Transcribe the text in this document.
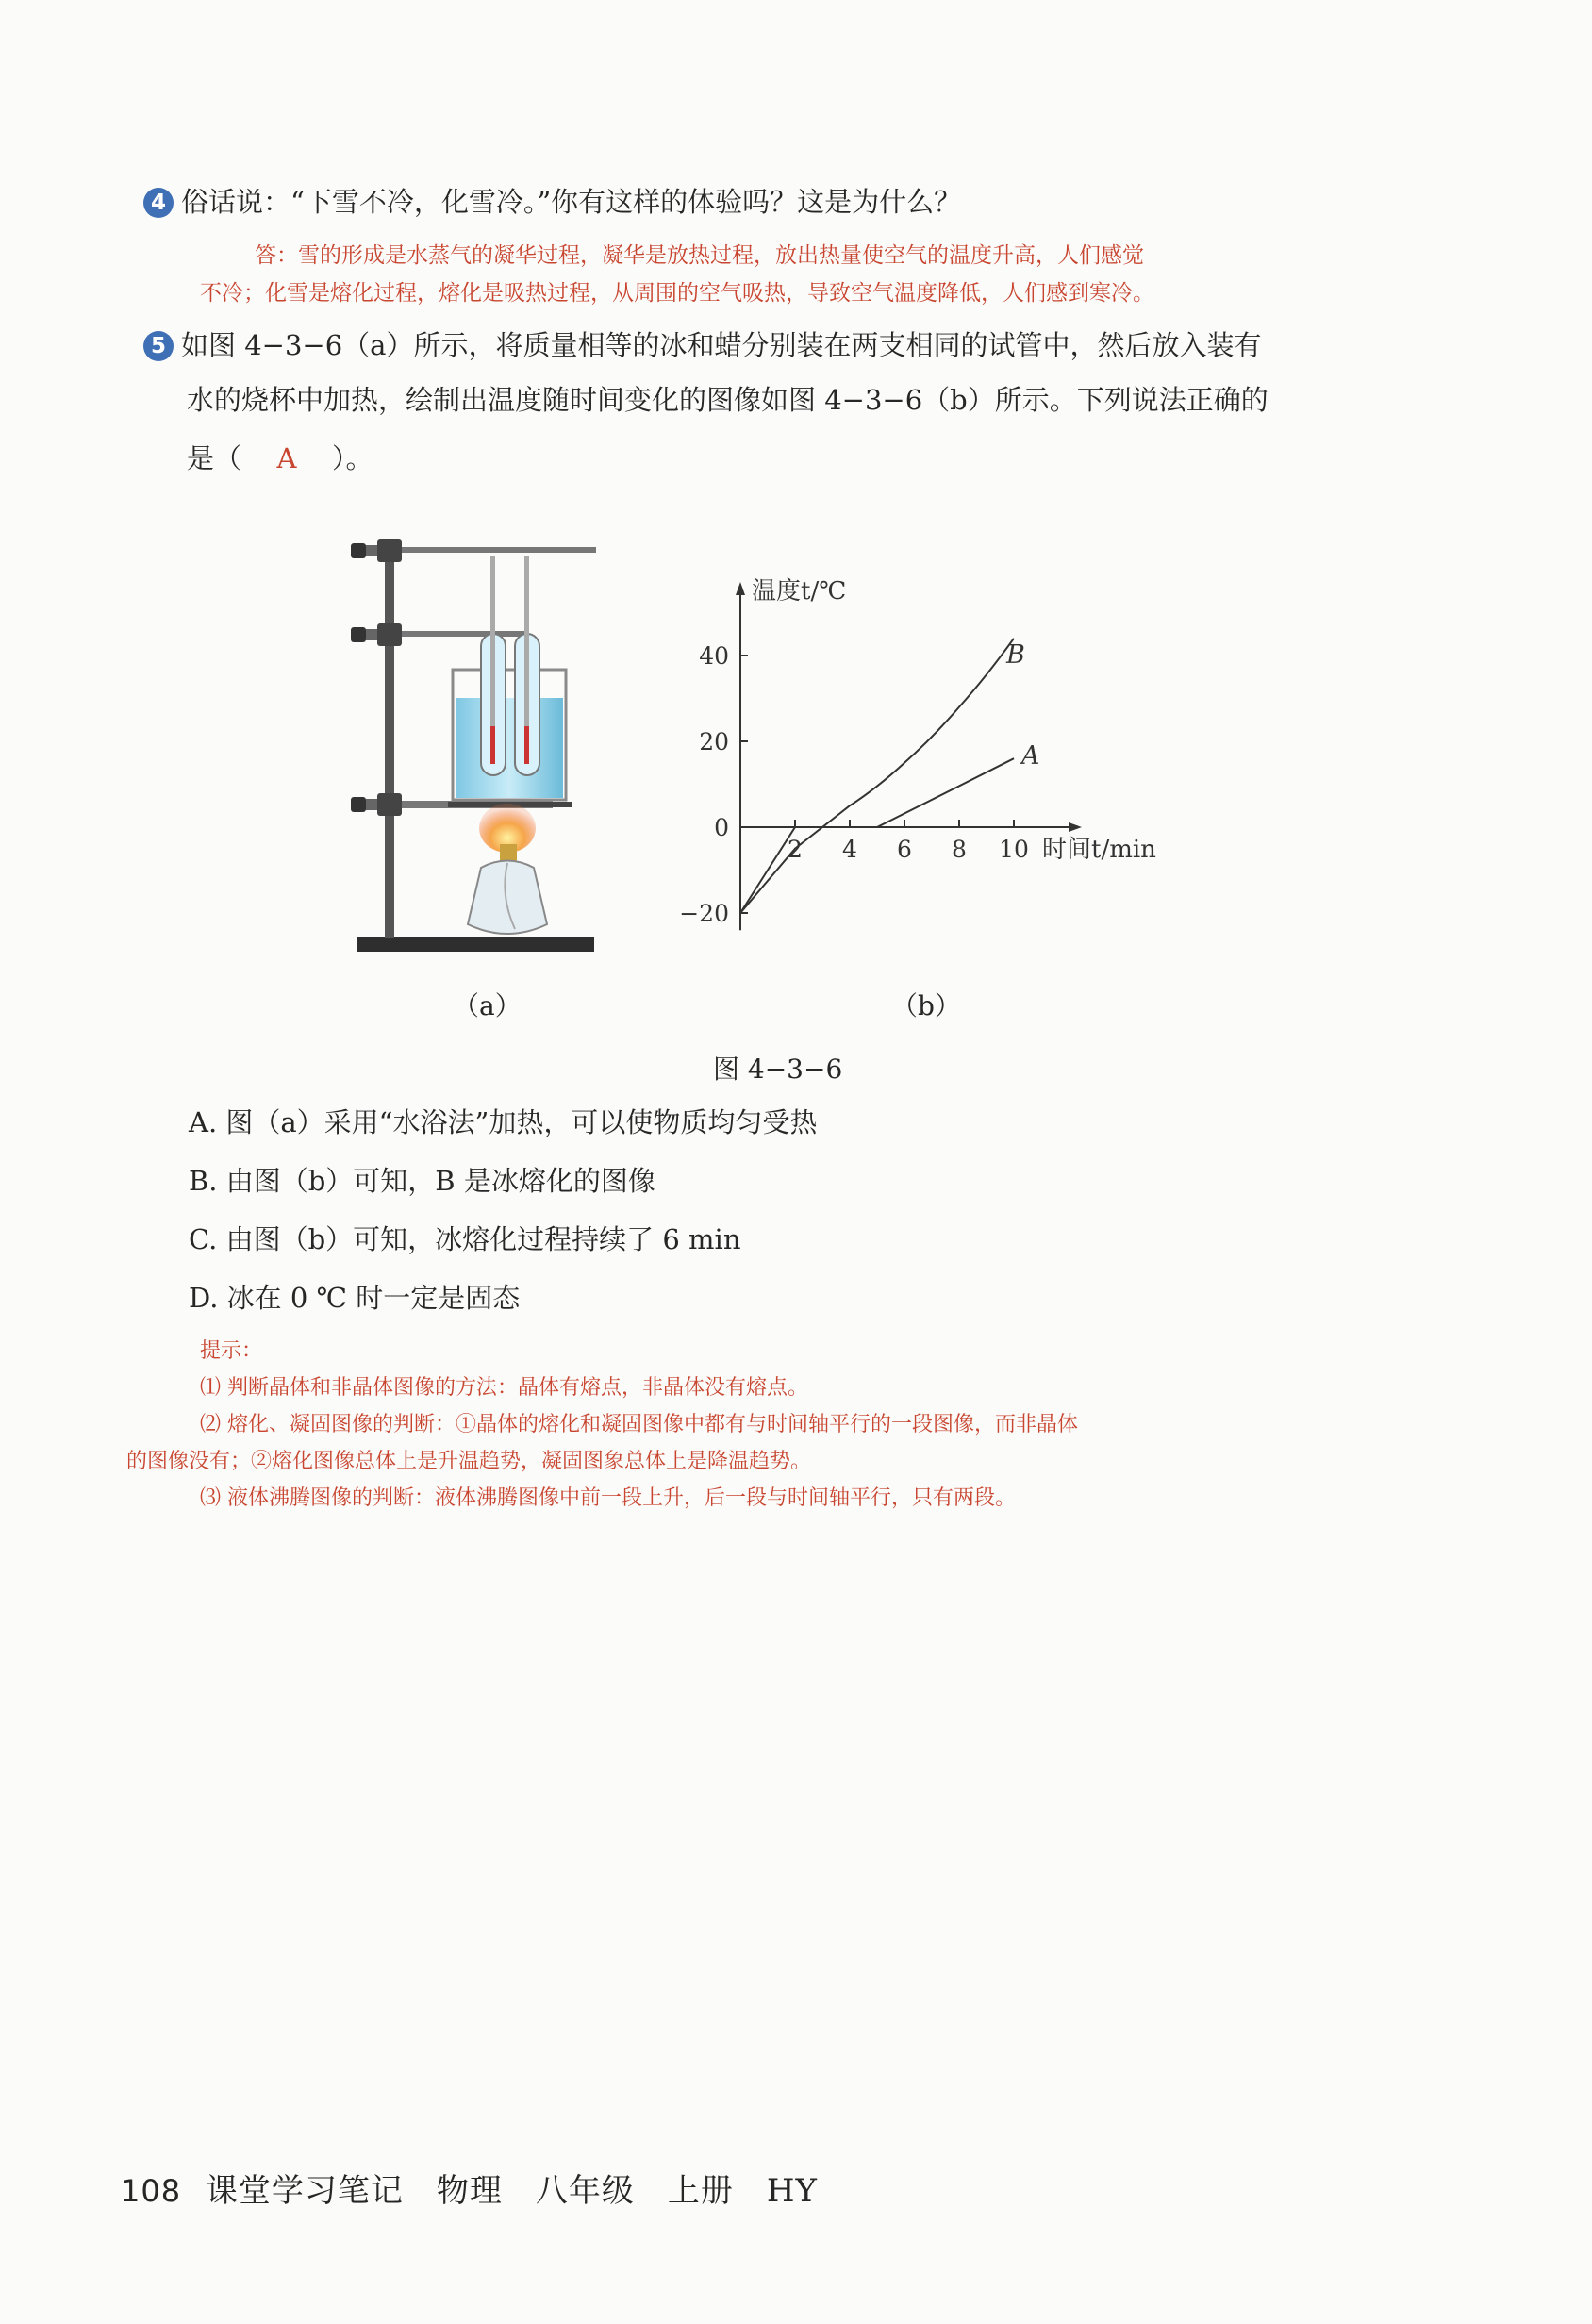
4 俗话说：“下雪不冷，化雪冷。”你有这样的体验吗？这是为什么？
答：雪的形成是水蒸气的凝华过程，凝华是放热过程，放出热量使空气的温度升高，人们感觉
不冷；化雪是熔化过程，熔化是吸热过程，从周围的空气吸热，导致空气温度降低，人们感到寒冷。
5 如图 4−3−6（a）所示，将质量相等的冰和蜡分别装在两支相同的试管中，然后放入装有
水的烧杯中加热，绘制出温度随时间变化的图像如图 4−3−6（b）所示。下列说法正确的
是（ A ）。
温度t/℃
时间t/min
−20
0
20
40
2 4 6 8 10
A
B
（a）	（b）
图 4−3−6
A. 图（a）采用“水浴法”加热，可以使物质均匀受热
B. 由图（b）可知，B 是冰熔化的图像
C. 由图（b）可知，冰熔化过程持续了 6 min
D. 冰在 0 ℃ 时一定是固态
提示：
⑴ 判断晶体和非晶体图像的方法：晶体有熔点，非晶体没有熔点。
⑵ 熔化、凝固图像的判断：①晶体的熔化和凝固图像中都有与时间轴平行的一段图像，而非晶体
的图像没有；②熔化图像总体上是升温趋势，凝固图象总体上是降温趋势。
⑶ 液体沸腾图像的判断：液体沸腾图像中前一段上升，后一段与时间轴平行，只有两段。
108 课堂学习笔记　物理　八年级　上册　HY
